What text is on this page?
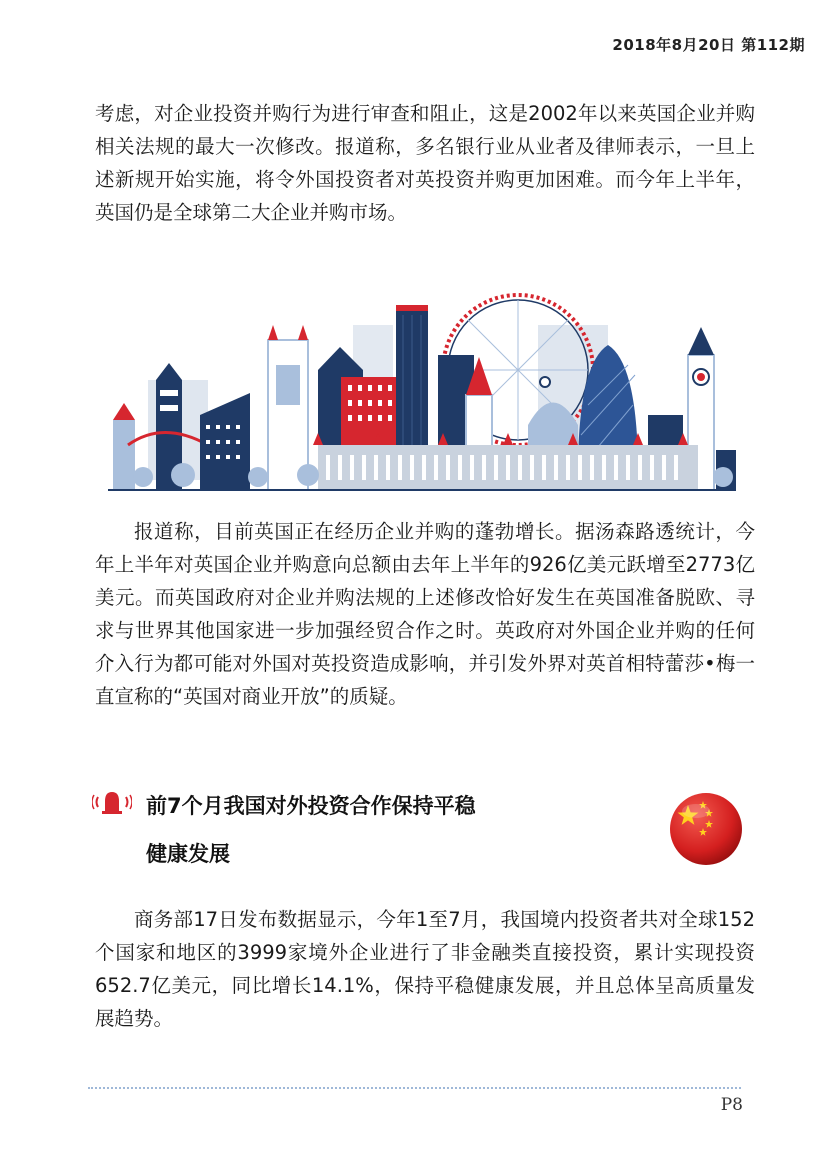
2018年8月20日 第112期

考虑，对企业投资并购行为进行审查和阻止，这是2002年以来英国企业并购相关法规的最大一次修改。报道称，多名银行业从业者及律师表示，一旦上述新规开始实施，将令外国投资者对英投资并购更加困难。而今年上半年，英国仍是全球第二大企业并购市场。

报道称，目前英国正在经历企业并购的蓬勃增长。据汤森路透统计，今年上半年对英国企业并购意向总额由去年上半年的926亿美元跃增至2773亿美元。而英国政府对企业并购法规的上述修改恰好发生在英国准备脱欧、寻求与世界其他国家进一步加强经贸合作之时。英政府对外国企业并购的任何介入行为都可能对外国对英投资造成影响，并引发外界对英首相特蕾莎•梅一直宣称的“英国对商业开放”的质疑。

前7个月我国对外投资合作保持平稳
健康发展

商务部17日发布数据显示，今年1至7月，我国境内投资者共对全球152个国家和地区的3999家境外企业进行了非金融类直接投资，累计实现投资652.7亿美元，同比增长14.1%，保持平稳健康发展，并且总体呈高质量发展趋势。

P8
